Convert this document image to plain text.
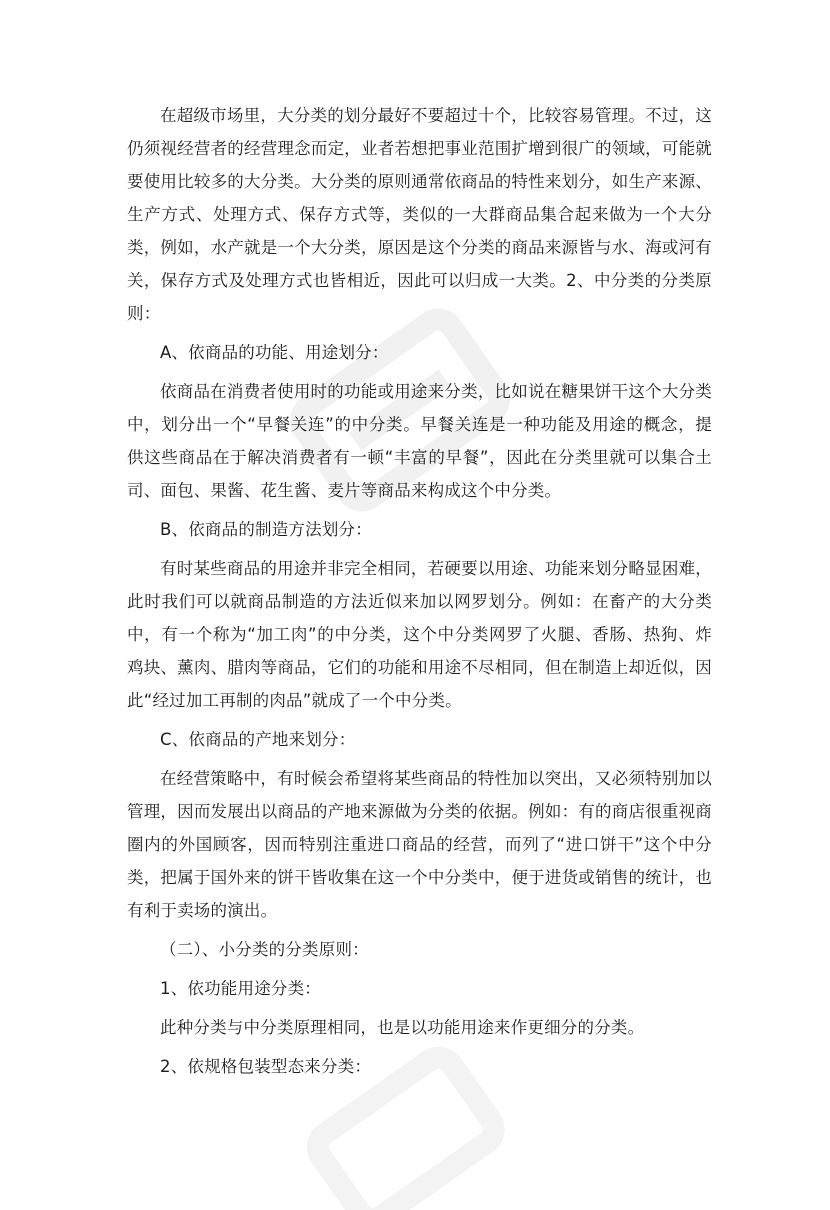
在超级市场里，大分类的划分最好不要超过十个，比较容易管理。不过，这仍须视经营者的经营理念而定，业者若想把事业范围扩增到很广的领域，可能就要使用比较多的大分类。大分类的原则通常依商品的特性来划分，如生产来源、生产方式、处理方式、保存方式等，类似的一大群商品集合起来做为一个大分类，例如，水产就是一个大分类，原因是这个分类的商品来源皆与水、海或河有关，保存方式及处理方式也皆相近，因此可以归成一大类。2、中分类的分类原则：

A、依商品的功能、用途划分：

依商品在消费者使用时的功能或用途来分类，比如说在糖果饼干这个大分类中，划分出一个“早餐关连”的中分类。早餐关连是一种功能及用途的概念，提供这些商品在于解决消费者有一顿“丰富的早餐”，因此在分类里就可以集合土司、面包、果酱、花生酱、麦片等商品来构成这个中分类。

B、依商品的制造方法划分：

有时某些商品的用途并非完全相同，若硬要以用途、功能来划分略显困难，此时我们可以就商品制造的方法近似来加以网罗划分。例如：在畜产的大分类中，有一个称为“加工肉”的中分类，这个中分类网罗了火腿、香肠、热狗、炸鸡块、薰肉、腊肉等商品，它们的功能和用途不尽相同，但在制造上却近似，因此“经过加工再制的肉品”就成了一个中分类。

C、依商品的产地来划分：

在经营策略中，有时候会希望将某些商品的特性加以突出，又必须特别加以管理，因而发展出以商品的产地来源做为分类的依据。例如：有的商店很重视商圈内的外国顾客，因而特别注重进口商品的经营，而列了“进口饼干”这个中分类，把属于国外来的饼干皆收集在这一个中分类中，便于进货或销售的统计，也有利于卖场的演出。

（二）、小分类的分类原则：

1、依功能用途分类：

此种分类与中分类原理相同，也是以功能用途来作更细分的分类。

2、依规格包装型态来分类：
